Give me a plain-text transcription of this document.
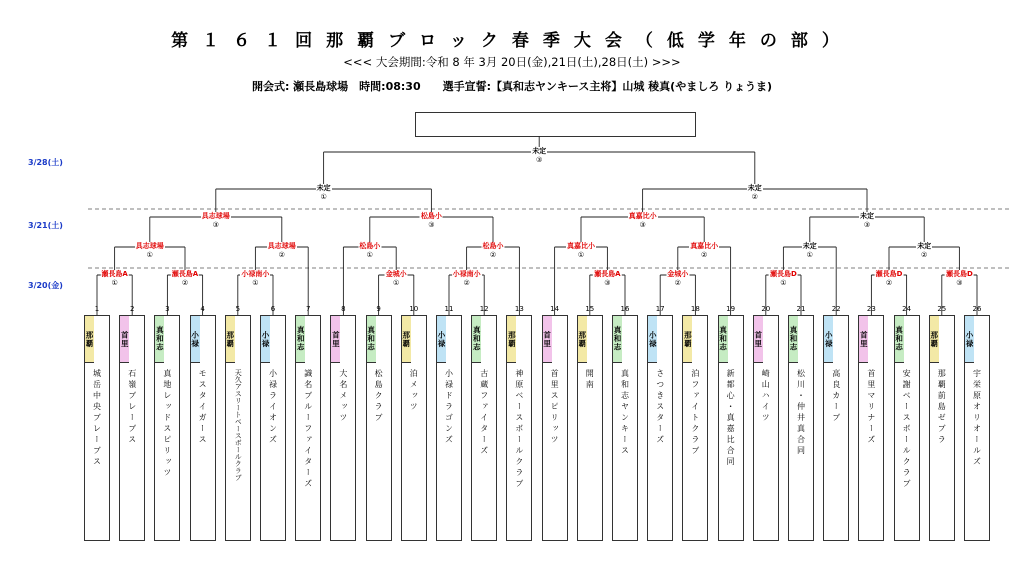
第１６１回那覇ブロック春季大会（低学年の部）
<<< 大会期間:令和 8 年 3月 20日(金),21日(土),28日(土) >>>
開会式: 瀬長島球場　時間:08:30　　選手宣誓:【真和志ヤンキース主将】山城 稜真(やましろ りょうま)
3/28(土)
3/21(土)
3/20(金)
瀬長島A
①
瀬長島A
②
小禄南小
①
金城小
①
小禄南小
②
瀬長島A
③
金城小
②
瀬長島D
①
瀬長島D
②
瀬長島D
③
具志球場
①
具志球場
②
松島小
①
松島小
②
真嘉比小
①
真嘉比小
②
未定
①
未定
②
具志球場
③
松島小
③
真嘉比小
③
未定
③
未定
①
未定
②
未定
③
1
那覇
城岳中央ブレーブス
2
首里
石嶺ブレーブス
3
真和志
真地レッドスピリッツ
4
小禄
モスタイガース
5
那覇
天久アスリートベースボールクラブ
6
小禄
小禄ライオンズ
7
真和志
識名ブルーファイターズ
8
首里
大名メッツ
9
真和志
松島クラブ
10
那覇
泊メッツ
11
小禄
小禄ドラゴンズ
12
真和志
古蔵ファイターズ
13
那覇
神原ベースボールクラブ
14
首里
首里スピリッツ
15
那覇
開南
16
真和志
真和志ヤンキース
17
小禄
さつきスターズ
18
那覇
泊ファイトクラブ
19
真和志
新都心・真嘉比合同
20
首里
崎山ハイツ
21
真和志
松川・仲井真合同
22
小禄
高良カーブ
23
首里
首里マリナーズ
24
真和志
安謝ベースボールクラブ
25
那覇
那覇前島ゼブラ
26
小禄
宇栄原オリオールズ
